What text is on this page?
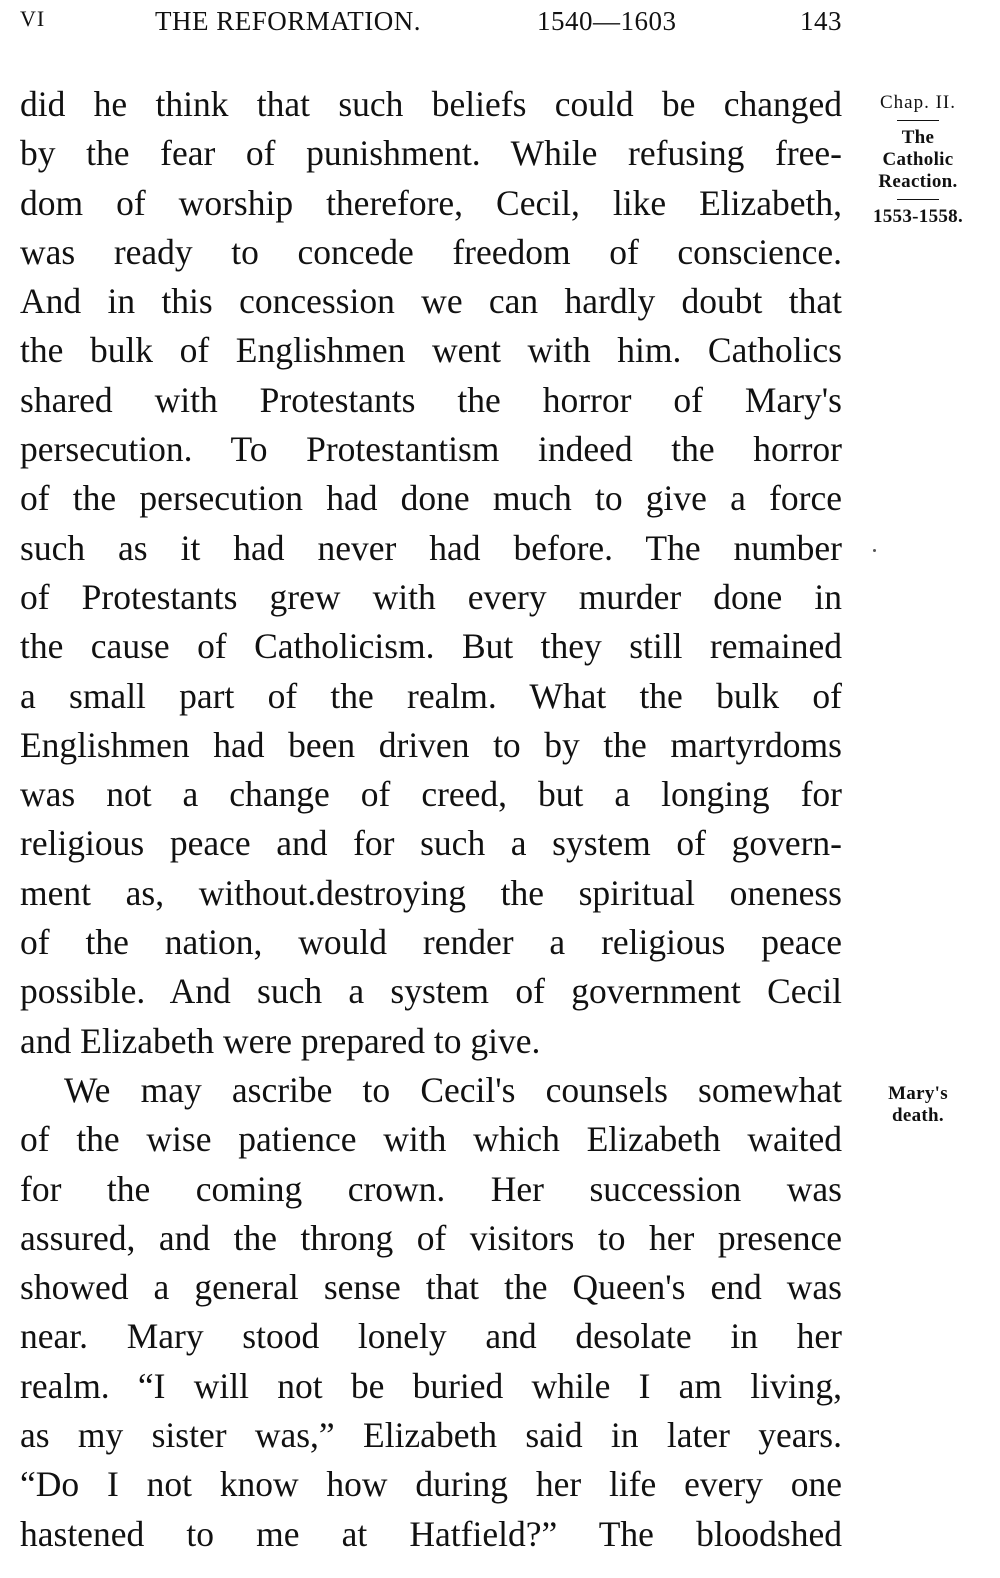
VI	THE REFORMATION.	1540—1603	143
did he think that such beliefs could be changed
by the fear of punishment. While refusing free-
dom of worship therefore, Cecil, like Elizabeth,
was ready to concede freedom of conscience.
And in this concession we can hardly doubt that
the bulk of Englishmen went with him. Catholics
shared with Protestants the horror of Mary's
persecution. To Protestantism indeed the horror
of the persecution had done much to give a force
such as it had never had before. The number
of Protestants grew with every murder done in
the cause of Catholicism. But they still remained
a small part of the realm. What the bulk of
Englishmen had been driven to by the martyrdoms
was not a change of creed, but a longing for
religious peace and for such a system of govern-
ment as, without.destroying the spiritual oneness
of the nation, would render a religious peace
possible. And such a system of government Cecil
and Elizabeth were prepared to give.
We may ascribe to Cecil's counsels somewhat
of the wise patience with which Elizabeth waited
for the coming crown. Her succession was
assured, and the throng of visitors to her presence
showed a general sense that the Queen's end was
near. Mary stood lonely and desolate in her
realm. “I will not be buried while I am living,
as my sister was,” Elizabeth said in later years.
“Do I not know how during her life every one
hastened to me at Hatfield?” The bloodshed
Chap. II.
The
Catholic
Reaction.
1553-1558.
Mary's
death.
